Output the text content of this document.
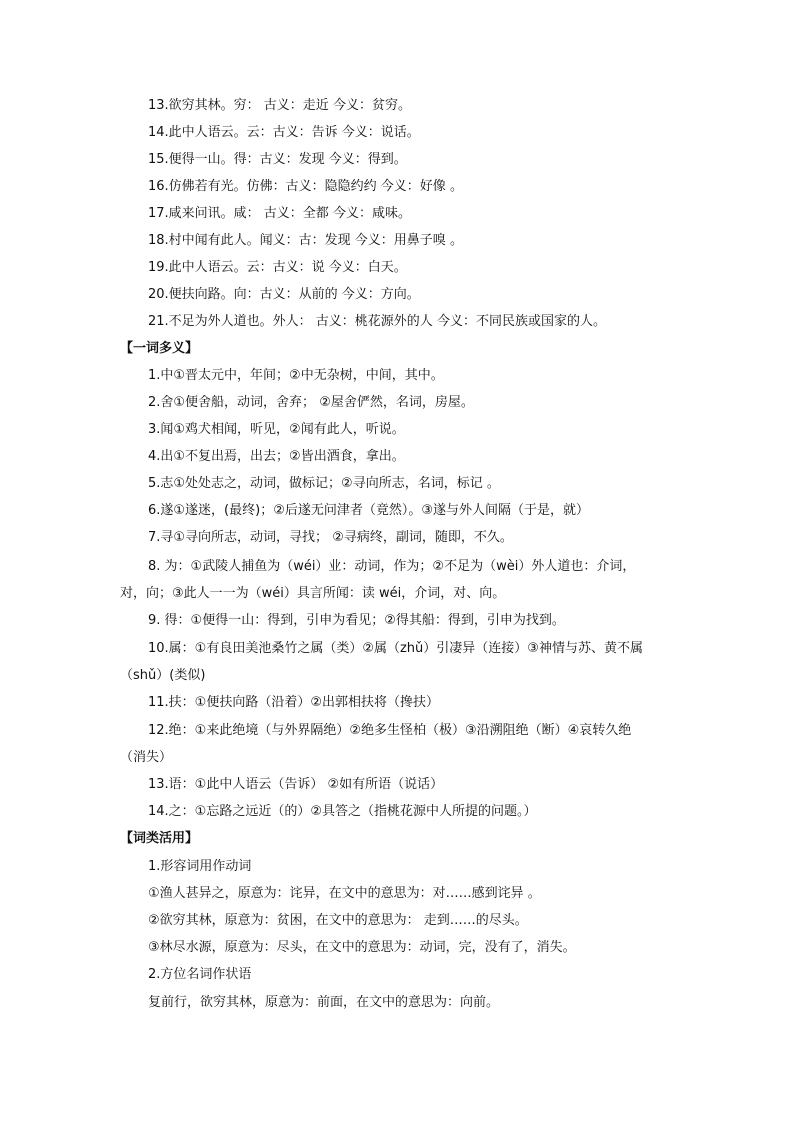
13.欲穷其林。穷： 古义：走近 今义：贫穷。
14.此中人语云。云：古义：告诉 今义：说话。
15.便得一山。得：古义：发现 今义：得到。
16.仿佛若有光。仿佛：古义：隐隐约约 今义：好像 。
17.咸来问讯。咸： 古义：全都 今义：咸味。
18.村中闻有此人。闻义：古：发现 今义：用鼻子嗅 。
19.此中人语云。云：古义：说 今义：白天。
20.便扶向路。向：古义：从前的 今义：方向。
21.不足为外人道也。外人： 古义：桃花源外的人 今义：不同民族或国家的人。
【一词多义】
1.中①晋太元中，年间；②中无杂树，中间，其中。
2.舍①便舍船，动词，舍弃； ②屋舍俨然，名词，房屋。
3.闻①鸡犬相闻，听见，②闻有此人，听说。
4.出①不复出焉，出去；②皆出酒食，拿出。
5.志①处处志之，动词，做标记；②寻向所志，名词，标记 。
6.遂①遂迷，(最终)；②后遂无问津者（竟然）。③遂与外人间隔（于是，就）
7.寻①寻向所志，动词，寻找； ②寻病终，副词，随即，不久。
8. 为：①武陵人捕鱼为（wéi）业：动词，作为；②不足为（wèi）外人道也：介词，
对，向；③此人一一为（wéi）具言所闻：读 wéi，介词，对、向。
9. 得：①便得一山：得到，引申为看见；②得其船：得到，引申为找到。
10.属：①有良田美池桑竹之属（类）②属（zhǔ）引凄异（连接）③神情与苏、黄不属
（shǔ）(类似)
11.扶：①便扶向路（沿着）②出郭相扶将（搀扶）
12.绝：①来此绝境（与外界隔绝）②绝多生怪柏（极）③沿溯阻绝（断）④哀转久绝
（消失）
13.语：①此中人语云（告诉） ②如有所语（说话）
14.之：①忘路之远近（的）②具答之（指桃花源中人所提的问题。）
【词类活用】
1.形容词用作动词
①渔人甚异之，原意为：诧异，在文中的意思为：对……感到诧异 。
②欲穷其林，原意为：贫困，在文中的意思为： 走到……的尽头。
③林尽水源，原意为：尽头，在文中的意思为：动词，完，没有了，消失。
2.方位名词作状语
复前行，欲穷其林，原意为：前面，在文中的意思为：向前。
